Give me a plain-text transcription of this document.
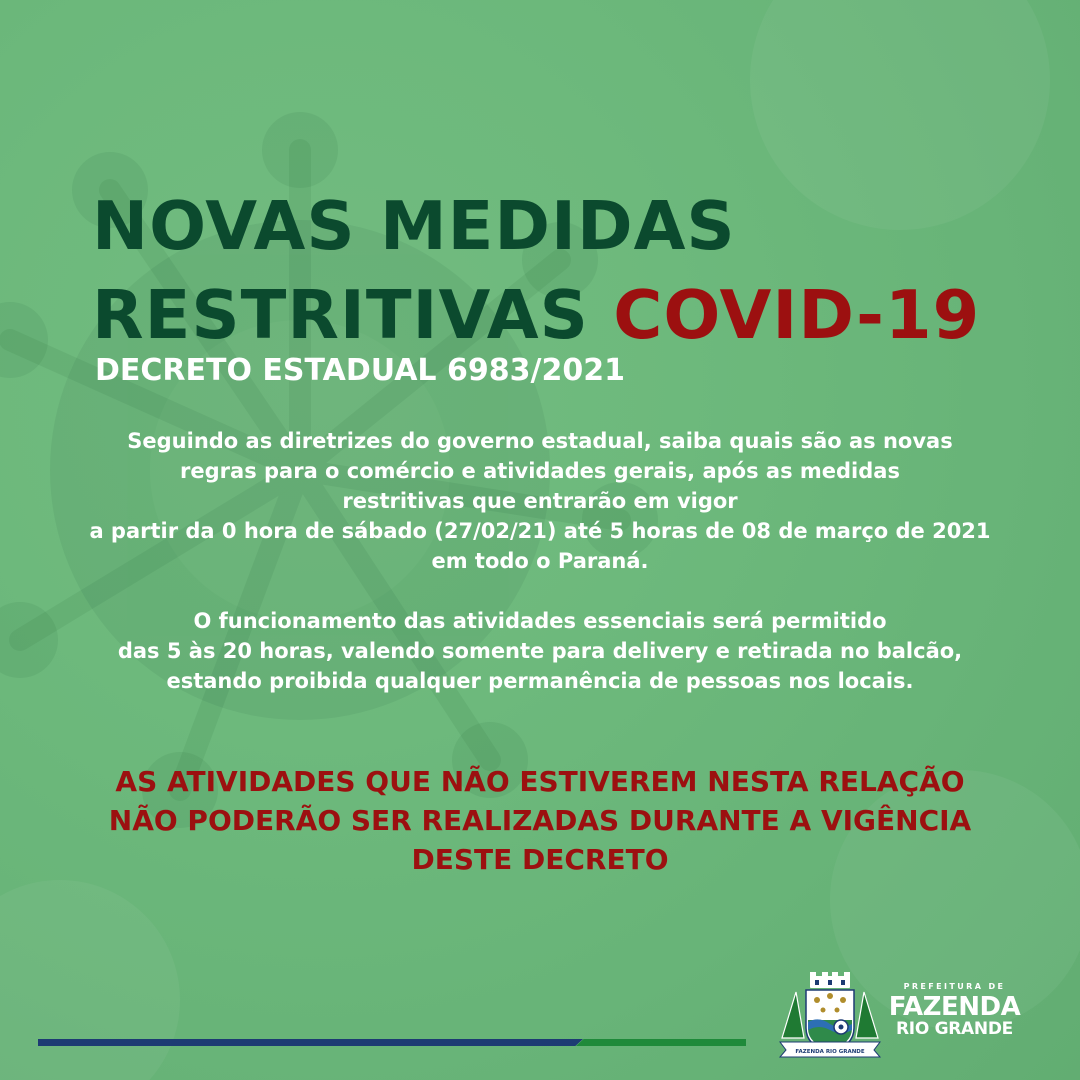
NOVAS MEDIDAS
RESTRITIVAS COVID-19
DECRETO ESTADUAL 6983/2021
Seguindo as diretrizes do governo estadual, saiba quais são as novas
regras para o comércio e atividades gerais, após as medidas
restritivas que entrarão em vigor
a partir da 0 hora de sábado (27/02/21) até 5 horas de 08 de março de 2021
em todo o Paraná.
O funcionamento das atividades essenciais será permitido
das 5 às 20 horas, valendo somente para delivery e retirada no balcão,
estando proibida qualquer permanência de pessoas nos locais.
AS ATIVIDADES QUE NÃO ESTIVEREM NESTA RELAÇÃO
NÃO PODERÃO SER REALIZADAS DURANTE A VIGÊNCIA
DESTE DECRETO
FAZENDA RIO GRANDE
PREFEITURA DE
FAZENDA
RIO GRANDE
